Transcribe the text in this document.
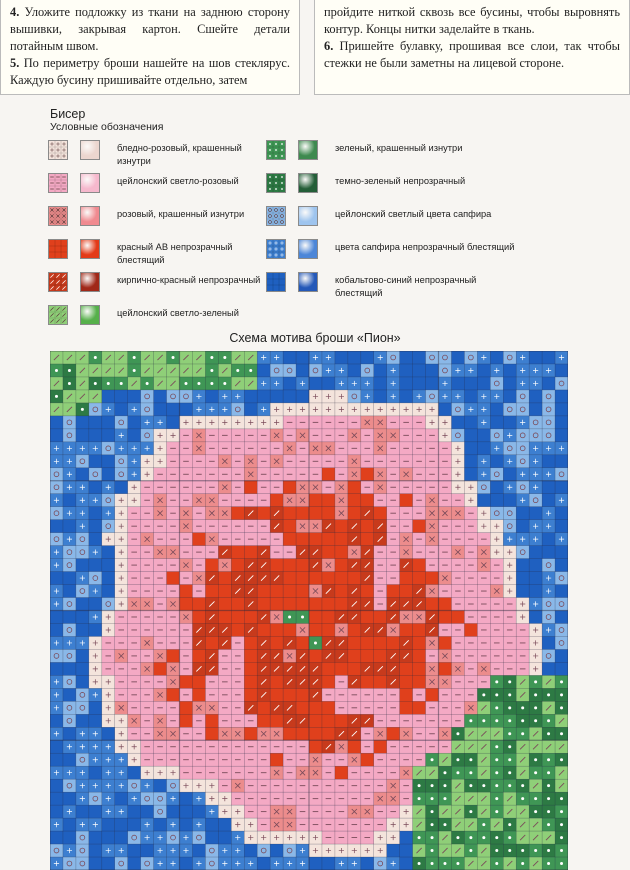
4. Уложите подложку из ткани на заднюю сторону вышивки, закрывая картон. Сшейте детали потайным швом.

5. По периметру броши нашейте на шов стеклярус. Каждую бусину пришивайте отдельно, затем

пройдите ниткой сквозь все бусины, чтобы выровнять контур. Концы нитки заделайте в ткань.

6. Пришейте булавку, прошивая все слои, так чтобы стежки не были заметны на лицевой стороне.

Бисер
Условные обозначения
бледно-розовый, крашенный изнутри
цейлонский светло-розовый
розовый, крашенный изнутри
красный AB непрозрачный блестящий
кирпично-красный непрозрачный
цейлонский светло-зеленый
зеленый, крашенный изнутри
темно-зеленый непрозрачный
цейлонский светлый цвета сапфира
цвета сапфира непрозрачный блестящий
кобальтово-синий непрозрачный блестящий
Схема мотива броши «Пион»
